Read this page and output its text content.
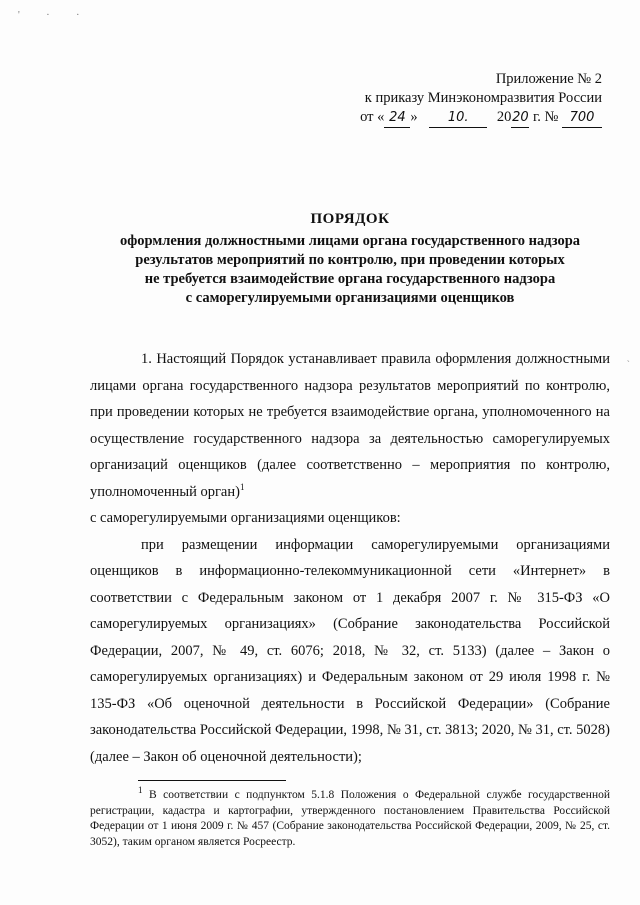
' · ·
`
Приложение № 2
к приказу Минэкономразвития России
от « 24 » 10. 2020 г. № 700
ПОРЯДОК
оформления должностными лицами органа государственного надзора
результатов мероприятий по контролю, при проведении которых
не требуется взаимодействие органа государственного надзора
с саморегулируемыми организациями оценщиков

1. Настоящий Порядок устанавливает правила оформления должностными лицами органа государственного надзора результатов мероприятий по контролю, при проведении которых не требуется взаимодействие органа, уполномоченного на осуществление государственного надзора за деятельностью саморегулируемых организаций оценщиков (далее соответственно – мероприятия по контролю, уполномоченный орган)$^1$

с саморегулируемыми организациями оценщиков:

при размещении информации саморегулируемыми организациями оценщиков в информационно-телекоммуникационной сети «Интернет» в соответствии с Федеральным законом от 1 декабря 2007 г. № 315-ФЗ «О саморегулируемых организациях» (Собрание законодательства Российской Федерации, 2007, № 49, ст. 6076; 2018, № 32, ст. 5133) (далее – Закон о саморегулируемых организациях) и Федеральным законом от 29 июля 1998 г. № 135-ФЗ «Об оценочной деятельности в Российской Федерации» (Собрание законодательства Российской Федерации, 1998, № 31, ст. 3813; 2020, № 31, ст. 5028) (далее – Закон об оценочной деятельности);

$^1$ В соответствии с подпунктом 5.1.8 Положения о Федеральной службе государственной регистрации, кадастра и картографии, утвержденного постановлением Правительства Российской Федерации от 1 июня 2009 г. № 457 (Собрание законодательства Российской Федерации, 2009, № 25, ст. 3052), таким органом является Росреестр.
